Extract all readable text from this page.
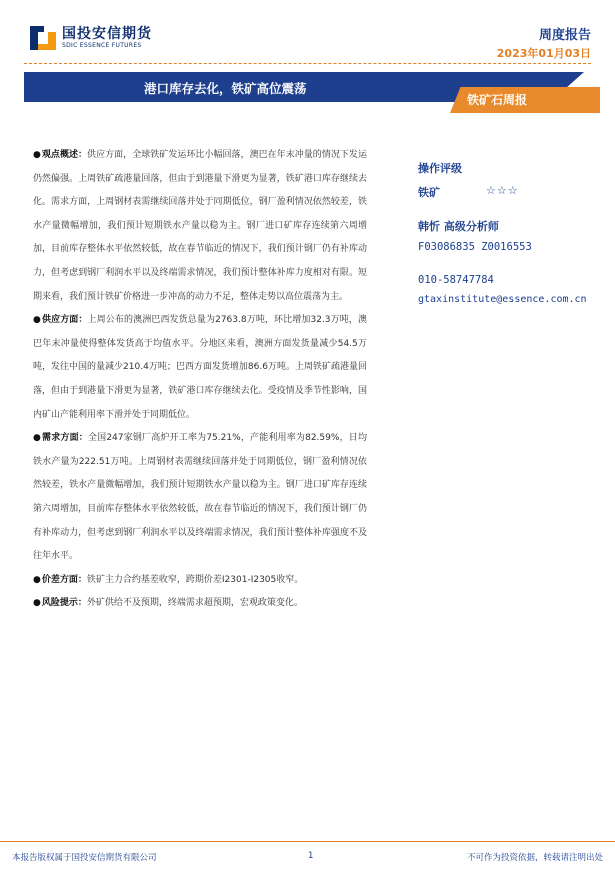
国投安信期货
SDIC ESSENCE FUTURES
周度报告
2023年01月03日
港口库存去化，铁矿高位震荡
铁矿石周报

●观点概述：供应方面，全球铁矿发运环比小幅回落，澳巴在年末冲量的情况下发运仍然偏强。上周铁矿疏港量回落，但由于到港量下滑更为显著，铁矿港口库存继续去化。需求方面，上周钢材表需继续回落并处于同期低位，钢厂盈利情况依然较差，铁水产量微幅增加，我们预计短期铁水产量以稳为主。钢厂进口矿库存连续第六周增加，目前库存整体水平依然较低，故在春节临近的情况下，我们预计钢厂仍有补库动力，但考虑到钢厂利润水平以及终端需求情况，我们预计整体补库力度相对有限。短期来看，我们预计铁矿价格进一步冲高的动力不足，整体走势以高位震荡为主。

●供应方面：上周公布的澳洲巴西发货总量为2763.8万吨，环比增加32.3万吨，澳巴年末冲量使得整体发货高于均值水平。分地区来看，澳洲方面发货量减少54.5万吨，发往中国的量减少210.4万吨；巴西方面发货增加86.6万吨。上周铁矿疏港量回落，但由于到港量下滑更为显著，铁矿港口库存继续去化。受疫情及季节性影响，国内矿山产能利用率下滑并处于同期低位。

●需求方面：全国247家钢厂高炉开工率为75.21%，产能利用率为82.59%，日均铁水产量为222.51万吨。上周钢材表需继续回落并处于同期低位，钢厂盈利情况依然较差，铁水产量微幅增加，我们预计短期铁水产量以稳为主。钢厂进口矿库存连续第六周增加，目前库存整体水平依然较低，故在春节临近的情况下，我们预计钢厂仍有补库动力，但考虑到钢厂利润水平以及终端需求情况，我们预计整体补库强度不及往年水平。

●价差方面：铁矿主力合约基差收窄，跨期价差I2301-I2305收窄。

●风险提示：外矿供给不及预期，终端需求超预期，宏观政策变化。

操作评级
铁矿	☆☆☆
韩忻 高级分析师
F03086835 Z0016553
010-58747784
gtaxinstitute@essence.com.cn
本报告版权属于国投安信期货有限公司	1	不可作为投资依据，转载请注明出处
